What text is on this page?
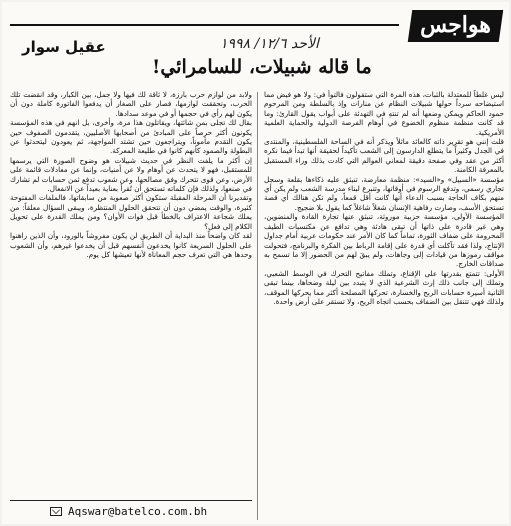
هواجس
الأحد ١٢/٦/ ١٩٩٨
عقيل سوار
ما قاله شبيلات، للسامرائي!

ليس غلطاً للمعتدلة بالثبات، هذه المرة التي ستقولون فالتوأ في: ولا هو فيض مما استيضاحه سرداً حولها شبيلات النظام عن منارات وإذ بالسلطة ومن المرحوم حمود الحاكم ويمكن وضعها أنه لم تنتهِ في التهدئة على أبواب يقول القارئ: وما قد كانت منظمة منظوم الخضوع في أوهام الفرصة الدولية والحماية العلمية الأمريكية.

قلت إنني هو تقرير ذاته كالعائد ماثلاً ويذكر أنه في الساحة الفلسطينية، والمنتدى في الجدل وكثيراً ما يتطلع الدارسون إلى الشعب تأكيداً لحقيقة أنها تبدأ فيما نكره أكثر من عقد وفي صفحة دقيقة لمعاني العوالم التي كادت بذلك وراء المستقبل بالمعرفة الكامنة.

مؤسسة «السبيل» و«السيد»: منظمة معارضة، تنبثق عليه ذكاءها بقلعة وسجل تجاري رسمي، وتدفع الرسوم في أوقاتها، وتتبرع لبناء مدرسة الشعب ولم يكن أي منهم بكاف الحاجة بسبب الدعاء أنها كانت أقل قمعاً، ولم تكن هنالك أي قصة تستحق الأسف، وصارت رفاهية الإنسان شغلاً شاغلاً كما يقول بلا ضجيج.

المؤسسة الأولى، مؤسسة حزبية موروثة، تنبثق عنها تجارة القادة والمنضوين، وهي غير قادرة على ذاتها أن تبقى هادئة وهي تدافع عن مكتسبات الطيف المحرومة على ضفاف الثورة، تماماً كما كان الأمر عند حكومات عربية أمام جداول الإنتاج، ولذا فقد تآكلت أي قدرة على إقامة الرباط بين الفكرة والبرنامج، فتحولت مواقف رموزها من قيادات إلى وجاهات، ولم يبقَ لهم من الحضور إلا ما تسمح به صداقات الخارج.

الأولى: تتمتع بقدرتها على الإقناع، وتملك مفاتيح التحرك في الوسط الشعبي، وتملك إلى جانب ذلك إرث الشرعية الذي لا يتبدد بين ليلة وضحاها، بينما تبقى الثانية أسيرة حسابات الربح والخسارة، تحركها المصلحة أكثر مما يحركها الموقف، ولذلك فهي تتنقل بين الضفاف بحسب اتجاه الريح، ولا تستقر على أرض واحدة.

ولابد من لوازم حرب بارزة، لا ثاقة لك فيها ولا جمل، بين الكبار، وقد انقضت تلك الحرب، وتحققت لوازمها، فصار على الصغار أن يدفعوا الفاتورة كاملة دون أن يكون لهم رأي في حجمها أو في موعد سدادها.

بقال لك تجلى بمن شائتها، ويقاتلون هذا مرة، وأخرى، بل انهم في هذه المؤسسة يكونون أكثر حرصاً على المبادئ من أصحابها الأصليين، يتقدمون الصفوف حين يكون التقدم مأموناً، ويتراجعون حين تشتد المواجهة، ثم يعودون ليتحدثوا عن البطولة والصمود كأنهم كانوا في طليعة المعركة.

إن أكثر ما يلفت النظر في حديث شبيلات هو وضوح الصورة التي يرسمها للمستقبل، فهو لا يتحدث عن أوهام ولا عن أمنيات، وإنما عن معادلات قائمة على الأرض، وعن قوى تتحرك وفق مصالحها، وعن شعوب تدفع ثمن حسابات لم تشارك في صنعها، ولذلك فإن كلماته تستحق أن تُقرأ بعناية بعيداً عن الانفعال.

وتقديرنا أن المرحلة المقبلة ستكون أكثر صعوبة من سابقاتها، فالملفات المفتوحة كثيرة، والوقت يمضي دون أن تتحقق الحلول المنتظرة، ويبقى السؤال معلقاً: من يملك شجاعة الاعتراف بالخطأ قبل فوات الأوان؟ ومن يملك القدرة على تحويل الكلام إلى فعل؟

لقد كان واضحاً منذ البداية أن الطريق لن يكون مفروشاً بالورود، وأن الذين راهنوا على الحلول السريعة كانوا يخدعون أنفسهم قبل أن يخدعوا غيرهم، وأن الشعوب وحدها هي التي تعرف حجم المعاناة لأنها تعيشها كل يوم.

Aqswar@batelco.com.bh
